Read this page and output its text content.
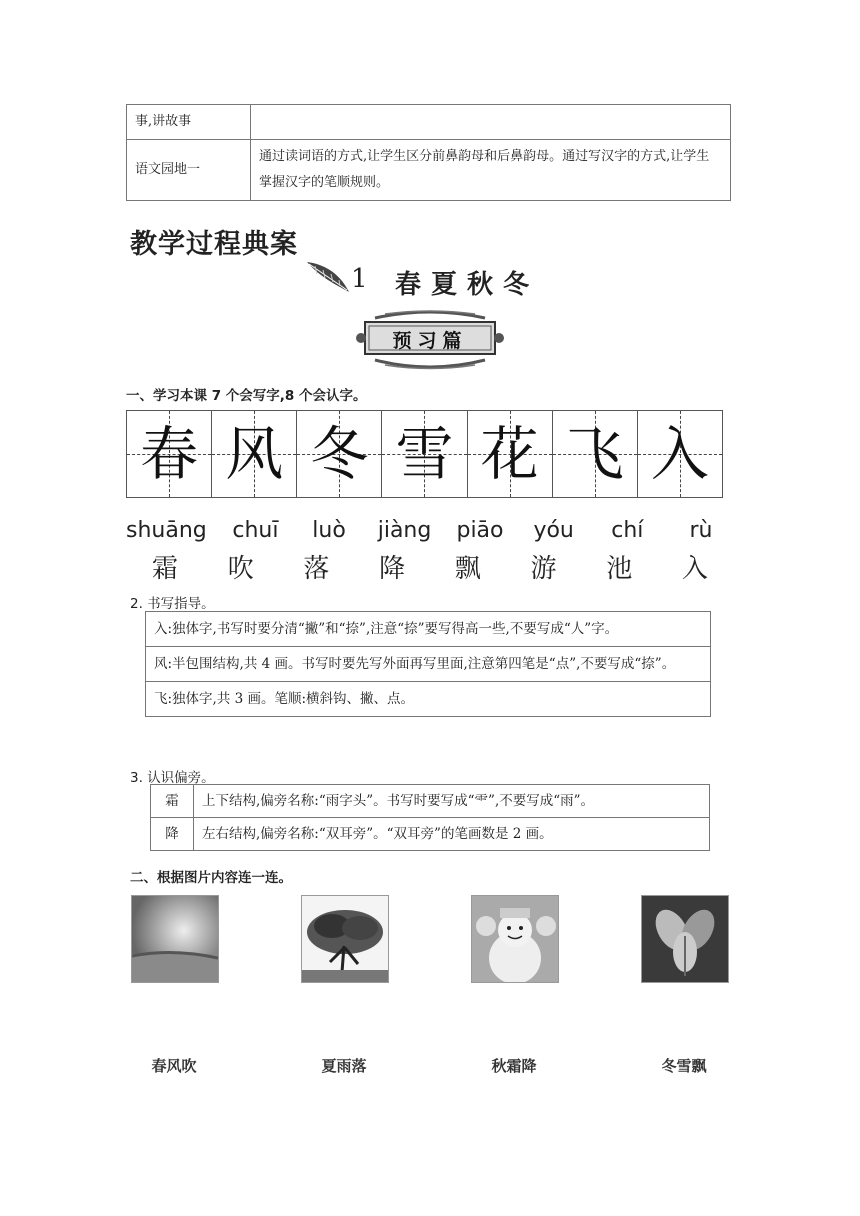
事,讲故事	
语文园地一	通过读词语的方式,让学生区分前鼻韵母和后鼻韵母。通过写汉字的方式,让学生掌握汉字的笔顺规则。
教学过程典案
1 春夏秋冬
预习篇
一、学习本课 7 个会写字,8 个会认字。
春 风 冬 雪 花 飞 入
shuāng chuī	luò	jiàng piāo yóu	chí	rù
霜	吹	落	降	飘	游	池	入
2. 书写指导。
入:独体字,书写时要分清“撇”和“捺”,注意“捺”要写得高一些,不要写成“人”字。
风:半包围结构,共 4 画。书写时要先写外面再写里面,注意第四笔是“点”,不要写成“捺”。
飞:独体字,共 3 画。笔顺:横斜钩、撇、点。
3. 认识偏旁。
霜	上下结构,偏旁名称:“雨字头”。书写时要写成“⻗”,不要写成“雨”。
降	左右结构,偏旁名称:“双耳旁”。“双耳旁”的笔画数是 2 画。
二、根据图片内容连一连。
春风吹	夏雨落	秋霜降	冬雪飘
